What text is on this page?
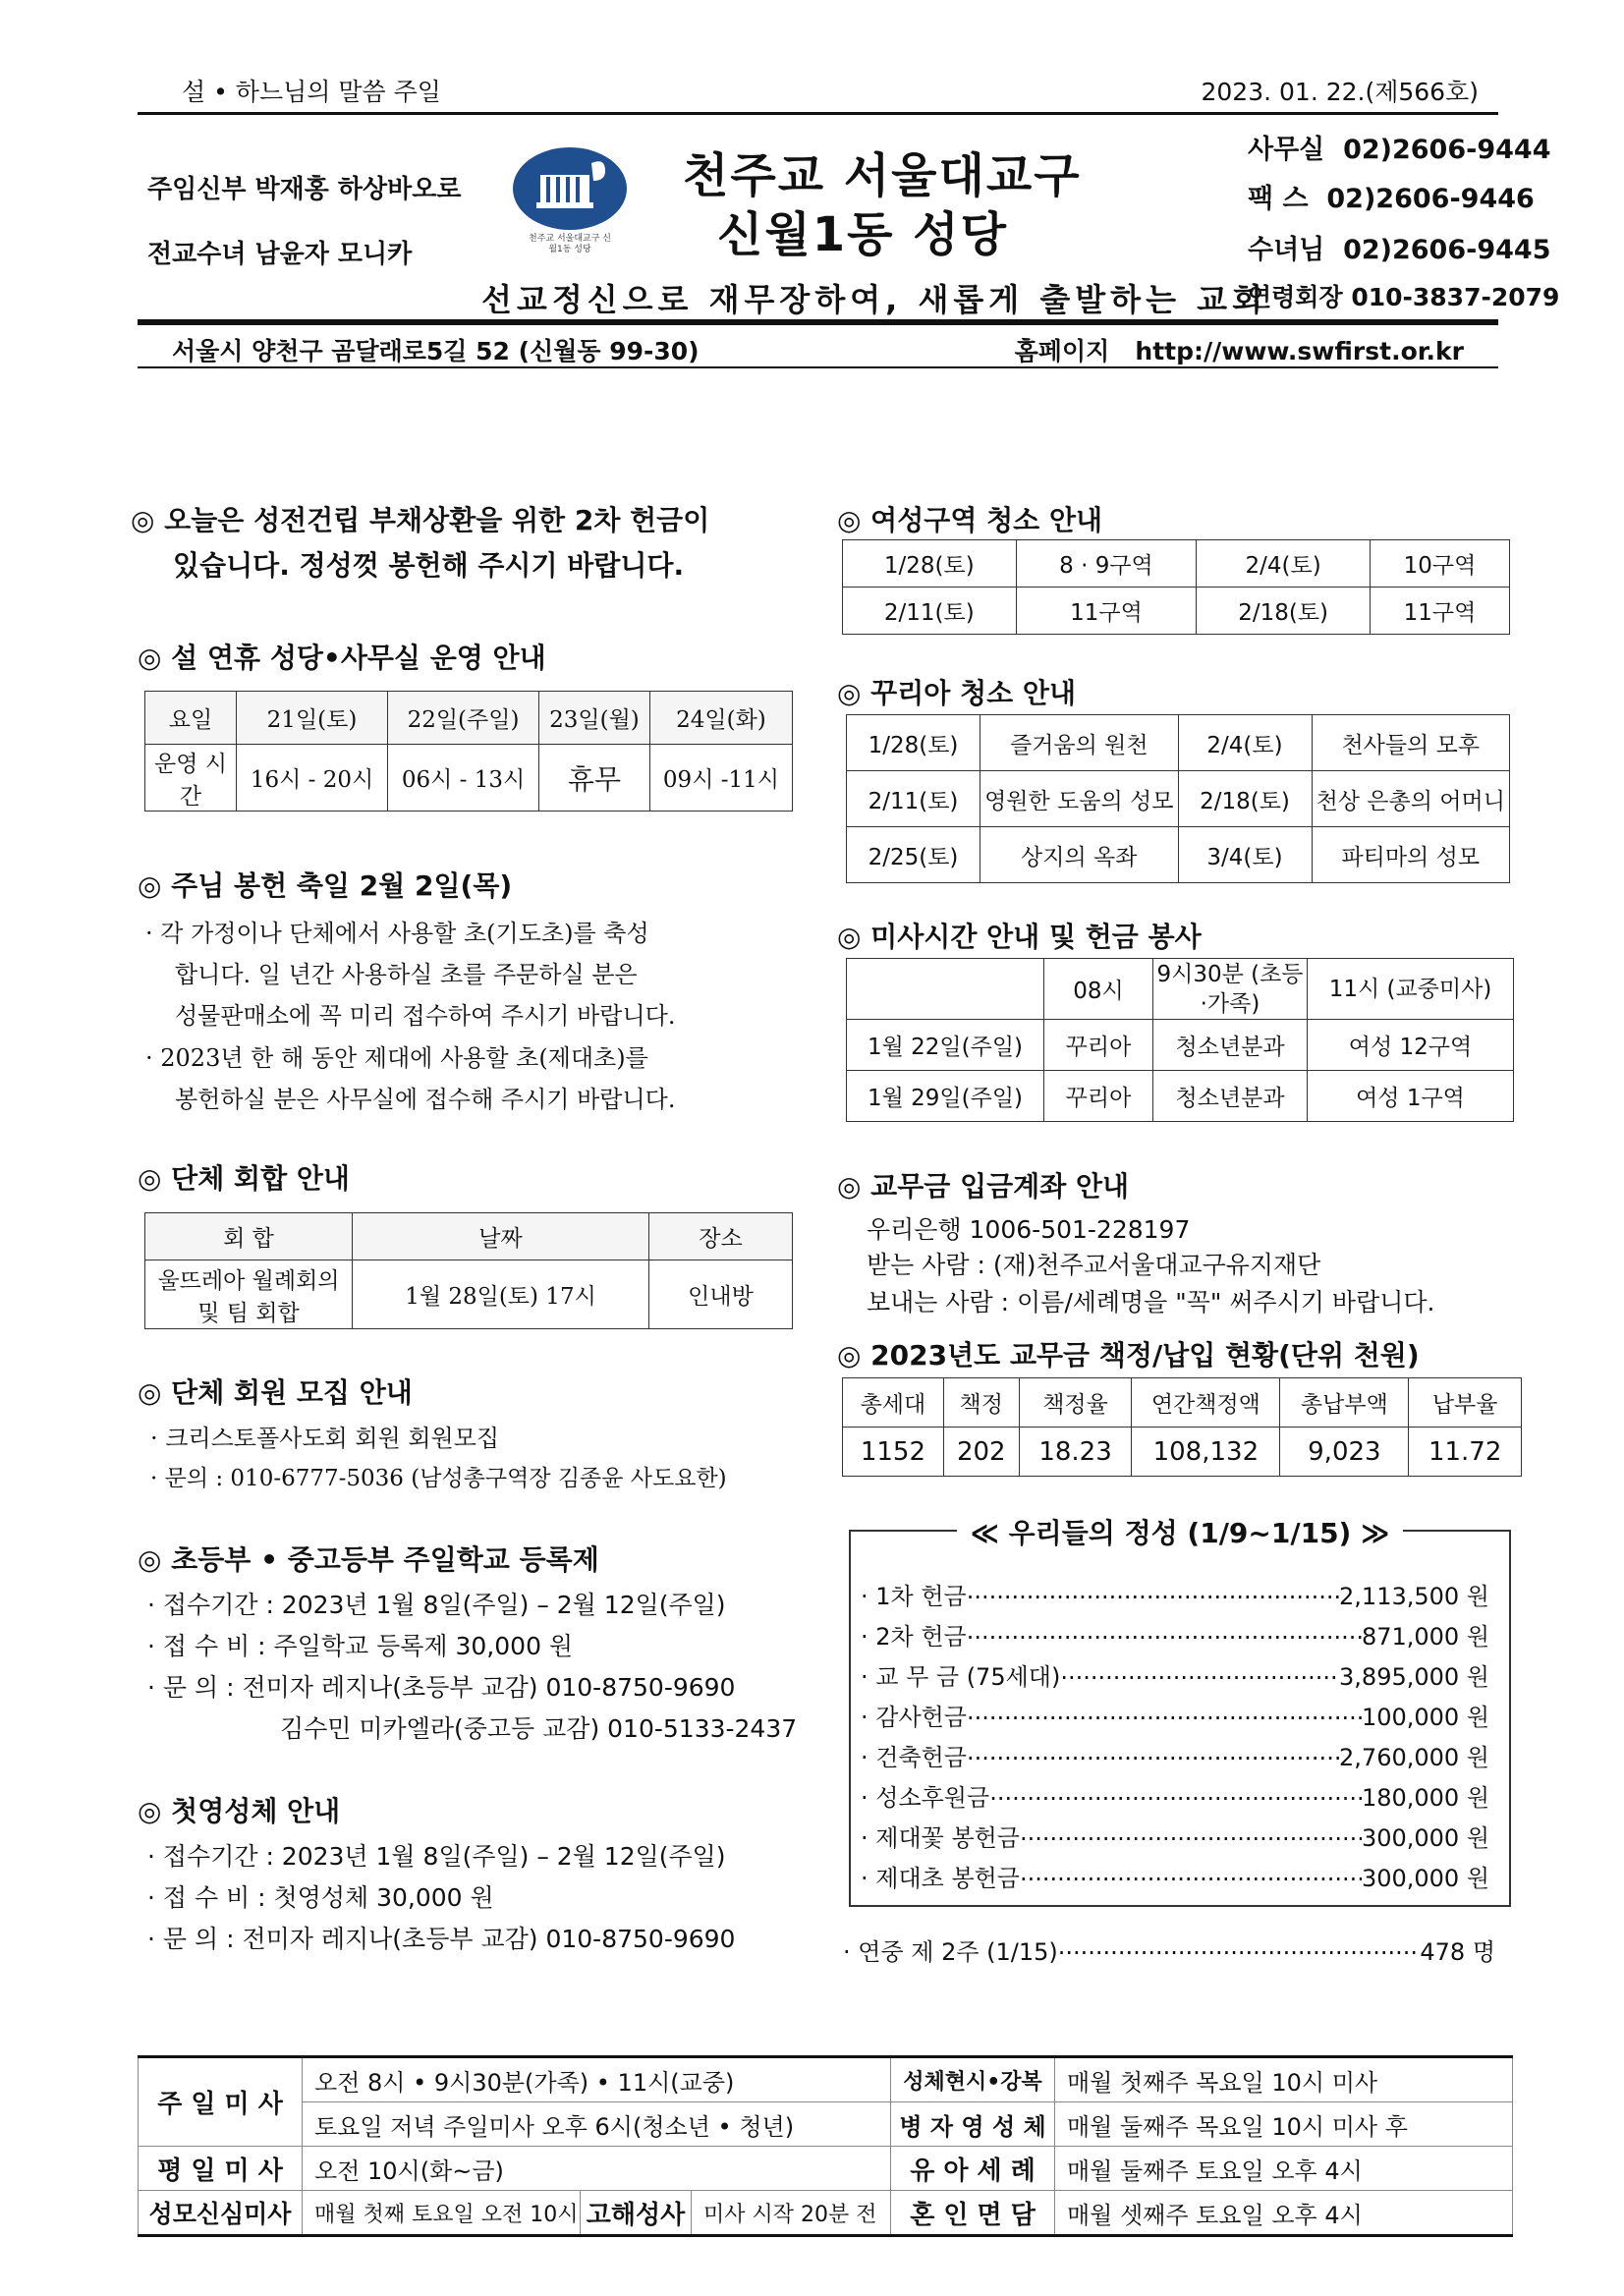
설 • 하느님의 말씀 주일	2023. 01. 22.(제566호)
주임신부 박재홍 하상바오로
전교수녀 남윤자 모니카
천주교 서울대교구 신월1동 성당
천주교 서울대교구
신월1동 성당
사무실 02)2606-9444
팩 스 02)2606-9446
수녀님 02)2606-9445
연령회장 010-3837-2079
선교정신으로 재무장하여, 새롭게 출발하는 교회
서울시 양천구 곰달래로5길 52 (신월동 99-30)	홈페이지 http://www.swfirst.or.kr
◎ 오늘은 성전건립 부채상환을 위한 2차 헌금이
있습니다. 정성껏 봉헌해 주시기 바랍니다.
◎ 설 연휴 성당•사무실 운영 안내
요일	21일(토)	22일(주일)	23일(월)	24일(화)
운영 시간	16시 - 20시	06시 - 13시	휴무	09시 -11시
◎ 주님 봉헌 축일 2월 2일(목)
· 각 가정이나 단체에서 사용할 초(기도초)를 축성
합니다. 일 년간 사용하실 초를 주문하실 분은
성물판매소에 꼭 미리 접수하여 주시기 바랍니다.
· 2023년 한 해 동안 제대에 사용할 초(제대초)를
봉헌하실 분은 사무실에 접수해 주시기 바랍니다.
◎ 단체 회합 안내
회 합	날짜	장소
울뜨레아 월례회의 및 팀 회합	1월 28일(토) 17시	인내방
◎ 단체 회원 모집 안내
· 크리스토폴사도회 회원 회원모집
· 문의 : 010-6777-5036 (남성총구역장 김종윤 사도요한)
◎ 초등부 • 중고등부 주일학교 등록제
· 접수기간 : 2023년 1월 8일(주일) – 2월 12일(주일)
· 접 수 비 : 주일학교 등록제 30,000 원
· 문 의 : 전미자 레지나(초등부 교감) 010-8750-9690
김수민 미카엘라(중고등 교감) 010-5133-2437
◎ 첫영성체 안내
· 접수기간 : 2023년 1월 8일(주일) – 2월 12일(주일)
· 접 수 비 : 첫영성체 30,000 원
· 문 의 : 전미자 레지나(초등부 교감) 010-8750-9690
◎ 여성구역 청소 안내
1/28(토)	8 · 9구역	2/4(토)	10구역
2/11(토)	11구역	2/18(토)	11구역
◎ 꾸리아 청소 안내
1/28(토)	즐거움의 원천	2/4(토)	천사들의 모후
2/11(토)	영원한 도움의 성모	2/18(토)	천상 은총의 어머니
2/25(토)	상지의 옥좌	3/4(토)	파티마의 성모
◎ 미사시간 안내 및 헌금 봉사
	08시	9시30분 (초등·가족)	11시 (교중미사)
1월 22일(주일)	꾸리아	청소년분과	여성 12구역
1월 29일(주일)	꾸리아	청소년분과	여성 1구역
◎ 교무금 입금계좌 안내
우리은행 1006-501-228197
받는 사람 : (재)천주교서울대교구유지재단
보내는 사람 : 이름/세례명을 "꼭" 써주시기 바랍니다.
◎ 2023년도 교무금 책정/납입 현황(단위 천원)
총세대	책정	책정율	연간책정액	총납부액	납부율
1152	202	18.23	108,132	9,023	11.72
≪ 우리들의 정성 (1/9~1/15) ≫
· 1차 헌금 .....	2,113,500 원
· 2차 헌금 .....	871,000 원
· 교 무 금 (75세대) .....	3,895,000 원
· 감사헌금 .....	100,000 원
· 건축헌금 .....	2,760,000 원
· 성소후원금 .....	180,000 원
· 제대꽃 봉헌금 .....	300,000 원
· 제대초 봉헌금 .....	300,000 원
· 연중 제 2주 (1/15) .....	478 명
주 일 미 사	오전 8시 • 9시30분(가족) • 11시(교중)			성체현시•강복	매월 첫째주 목요일 10시 미사
	토요일 저녁 주일미사 오후 6시(청소년 • 청년)			병 자 영 성 체	매월 둘째주 목요일 10시 미사 후
평 일 미 사	오전 10시(화~금)			유 아 세 례	매월 둘째주 토요일 오후 4시
성모신심미사	매월 첫째 토요일 오전 10시	고해성사	미사 시작 20분 전	혼 인 면 담	매월 셋째주 토요일 오후 4시
